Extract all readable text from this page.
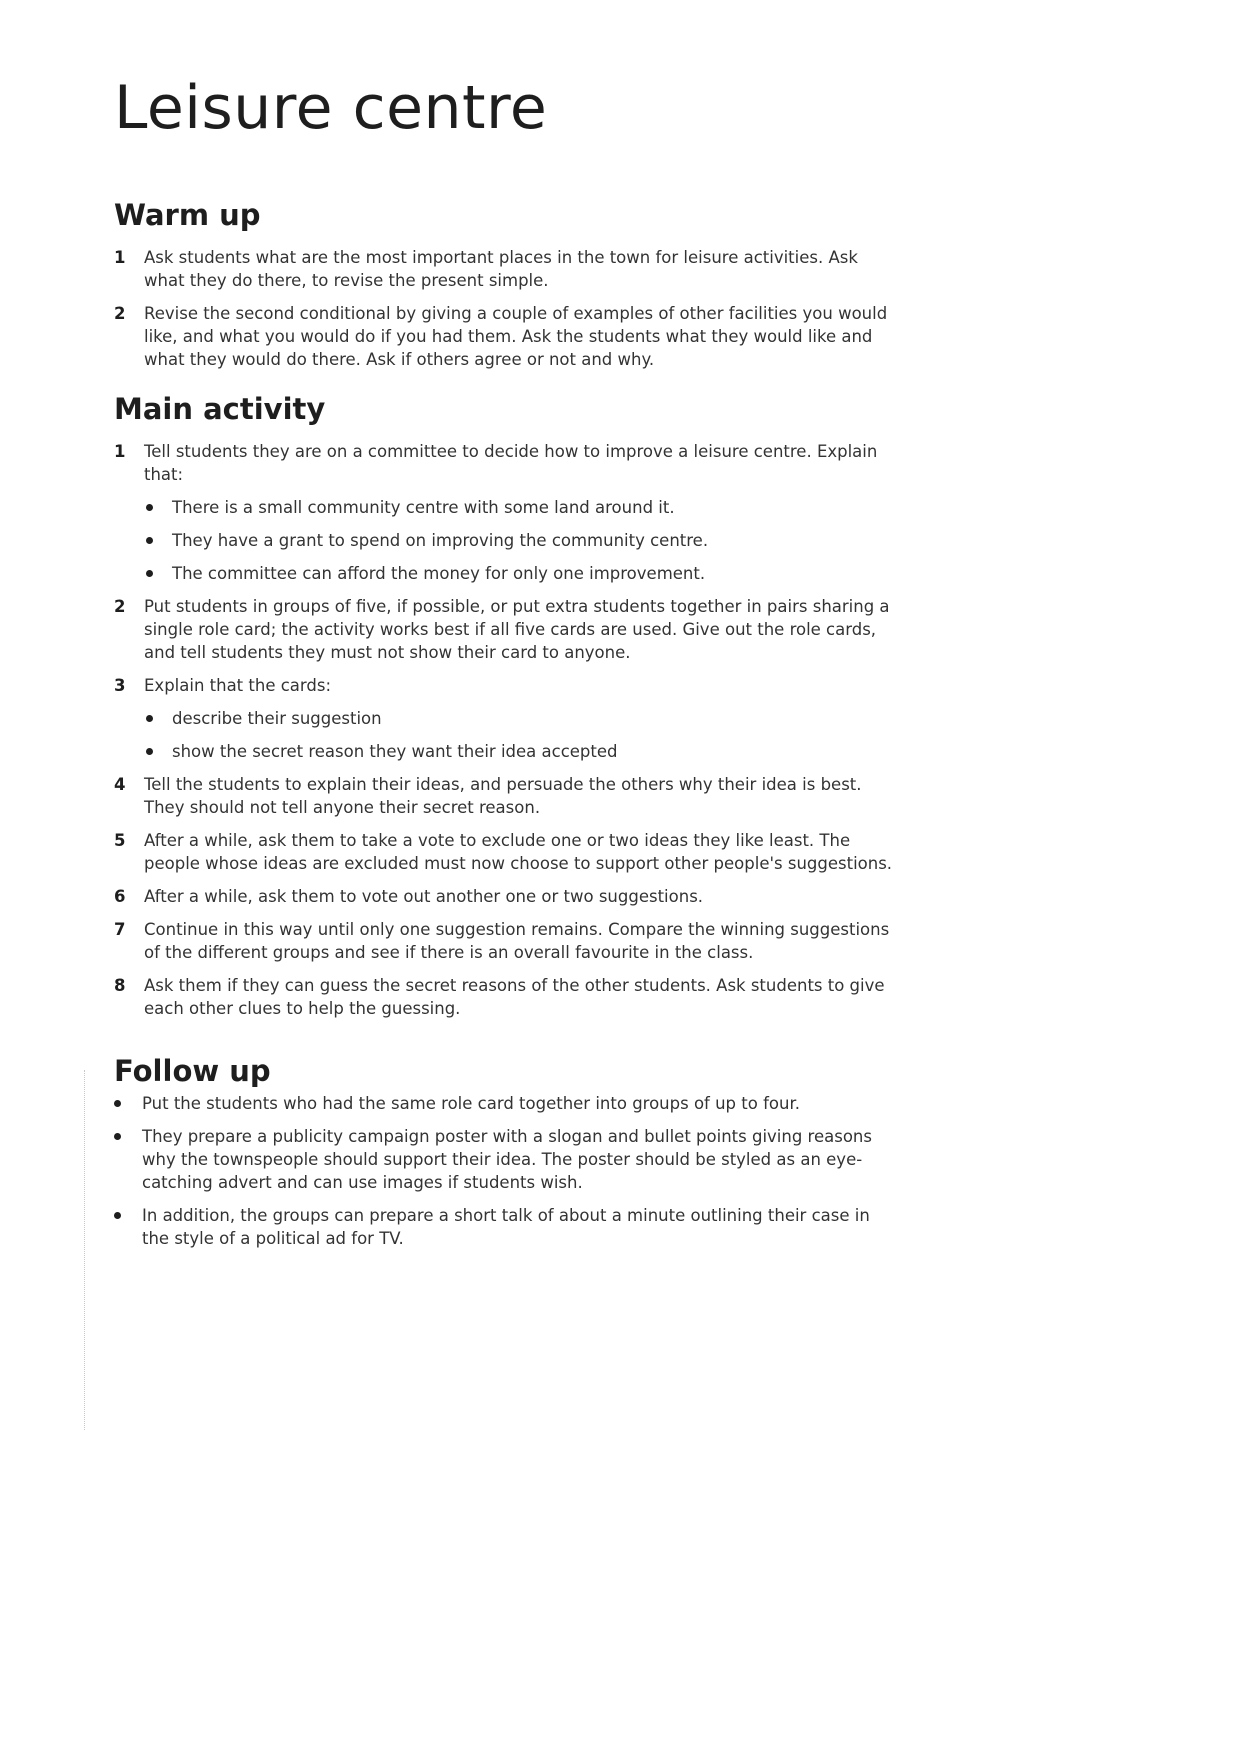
Leisure centre
Warm up
1 Ask students what are the most important places in the town for leisure activities. Ask what they do there, to revise the present simple.
2 Revise the second conditional by giving a couple of examples of other facilities you would like, and what you would do if you had them. Ask the students what they would like and what they would do there. Ask if others agree or not and why.
Main activity
1 Tell students they are on a committee to decide how to improve a leisure centre. Explain that:
There is a small community centre with some land around it.
They have a grant to spend on improving the community centre.
The committee can afford the money for only one improvement.
2 Put students in groups of five, if possible, or put extra students together in pairs sharing a single role card; the activity works best if all five cards are used. Give out the role cards, and tell students they must not show their card to anyone.
3 Explain that the cards:
describe their suggestion
show the secret reason they want their idea accepted
4 Tell the students to explain their ideas, and persuade the others why their idea is best. They should not tell anyone their secret reason.
5 After a while, ask them to take a vote to exclude one or two ideas they like least. The people whose ideas are excluded must now choose to support other people's suggestions.
6 After a while, ask them to vote out another one or two suggestions.
7 Continue in this way until only one suggestion remains. Compare the winning suggestions of the different groups and see if there is an overall favourite in the class.
8 Ask them if they can guess the secret reasons of the other students. Ask students to give each other clues to help the guessing.
Follow up
Put the students who had the same role card together into groups of up to four.
They prepare a publicity campaign poster with a slogan and bullet points giving reasons why the townspeople should support their idea. The poster should be styled as an eye-catching advert and can use images if students wish.
In addition, the groups can prepare a short talk of about a minute outlining their case in the style of a political ad for TV.
